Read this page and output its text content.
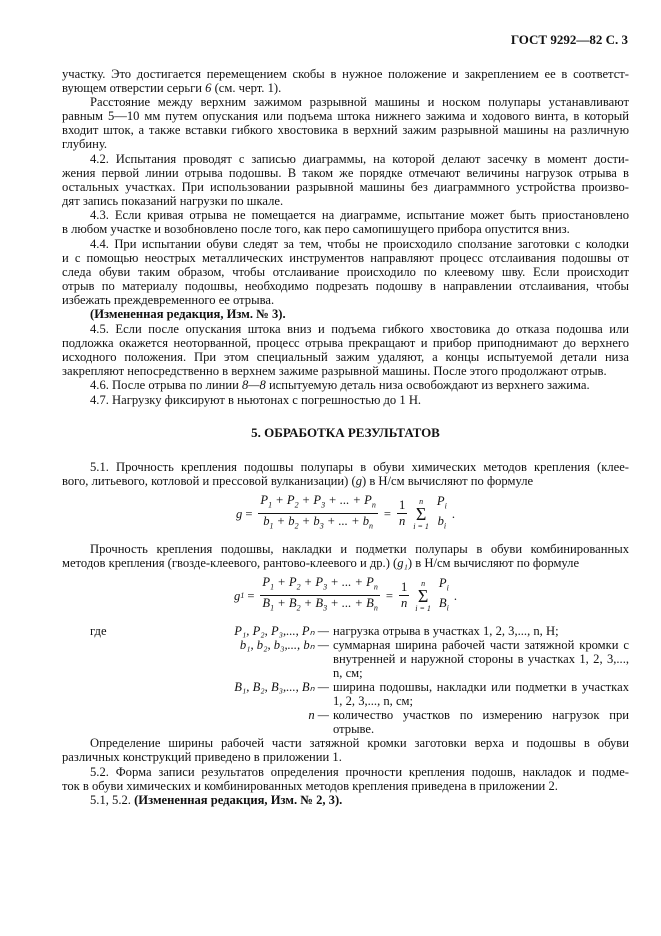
ГОСТ 9292—82 С. 3
участку. Это достигается перемещением скобы в нужное положение и закреплением ее в соответст-
вующем отверстии серьги 6 (см. черт. 1).
Расстояние между верхним зажимом разрывной машины и носком полупары устанавливают
равным 5—10 мм путем опускания или подъема штока нижнего зажима и ходового винта, в который
входит шток, а также вставки гибкого хвостовика в верхний зажим разрывной машины на различную
глубину.
4.2. Испытания проводят с записью диаграммы, на которой делают засечку в момент дости-
жения первой линии отрыва подошвы. В таком же порядке отмечают величины нагрузок отрыва в
остальных участках. При использовании разрывной машины без диаграммного устройства произво-
дят запись показаний нагрузки по шкале.
4.3. Если кривая отрыва не помещается на диаграмме, испытание может быть приостановлено
в любом участке и возобновлено после того, как перо самопишущего прибора опустится вниз.
4.4. При испытании обуви следят за тем, чтобы не происходило сползание заготовки с колодки
и с помощью неострых металлических инструментов направляют процесс отслаивания подошвы от
следа обуви таким образом, чтобы отслаивание происходило по клеевому шву. Если происходит
отрыв по материалу подошвы, необходимо подрезать подошву в направлении отслаивания, чтобы
избежать преждевременного ее отрыва.
(Измененная редакция, Изм. № 3).
4.5. Если после опускания штока вниз и подъема гибкого хвостовика до отказа подошва или
подложка окажется неоторванной, процесс отрыва прекращают и прибор приподнимают до верхнего
исходного положения. При этом специальный зажим удаляют, а концы испытуемой детали низа
закрепляют непосредственно в верхнем зажиме разрывной машины. После этого продолжают отрыв.
4.6. После отрыва по линии 8—8 испытуемую деталь низа освобождают из верхнего зажима.
4.7. Нагрузку фиксируют в ньютонах с погрешностью до 1 Н.
5. ОБРАБОТКА РЕЗУЛЬТАТОВ
5.1. Прочность крепления подошвы полупары в обуви химических методов крепления (клее-
вого, литьевого, котловой и прессовой вулканизации) (g) в Н/см вычисляют по формуле
$g = \frac{P_1 + P_2 + P_3 + ... + P_n}{b_1 + b_2 + b_3 + ... + b_n} = \frac{1}{n}$ n
Σ
i = 1
$P_i$
$b_i$
.
Прочность крепления подошвы, накладки и подметки полупары в обуви комбинированных
методов крепления (гвозде-клеевого, рантово-клеевого и др.) (g₁) в Н/см вычисляют по формуле
g $1 = \frac{P_1 + P_2 + P_3 + ... + P_n}{B_1 + B_2 + B_3 + ... + B_n} = \frac{1}{n}$ n
Σ
i = 1
$P_i$
$B_i$
.
где	P₁, P₂, P₃,..., Pₙ — нагрузка отрыва в участках 1, 2, 3,..., n, Н;
b₁, b₂, b₃,..., bₙ — суммарная ширина рабочей части затяжной кромки с внутренней и наружной стороны в участках 1, 2, 3,..., n, см;
B₁, B₂, B₃,..., Bₙ — ширина подошвы, накладки или подметки в участках 1, 2, 3,..., n, см;
n — количество участков по измерению нагрузок при отрыве.
Определение ширины рабочей части затяжной кромки заготовки верха и подошвы в обуви
различных конструкций приведено в приложении 1.
5.2. Форма записи результатов определения прочности крепления подошв, накладок и подме-
ток в обуви химических и комбинированных методов крепления приведена в приложении 2.
5.1, 5.2. (Измененная редакция, Изм. № 2, 3).
